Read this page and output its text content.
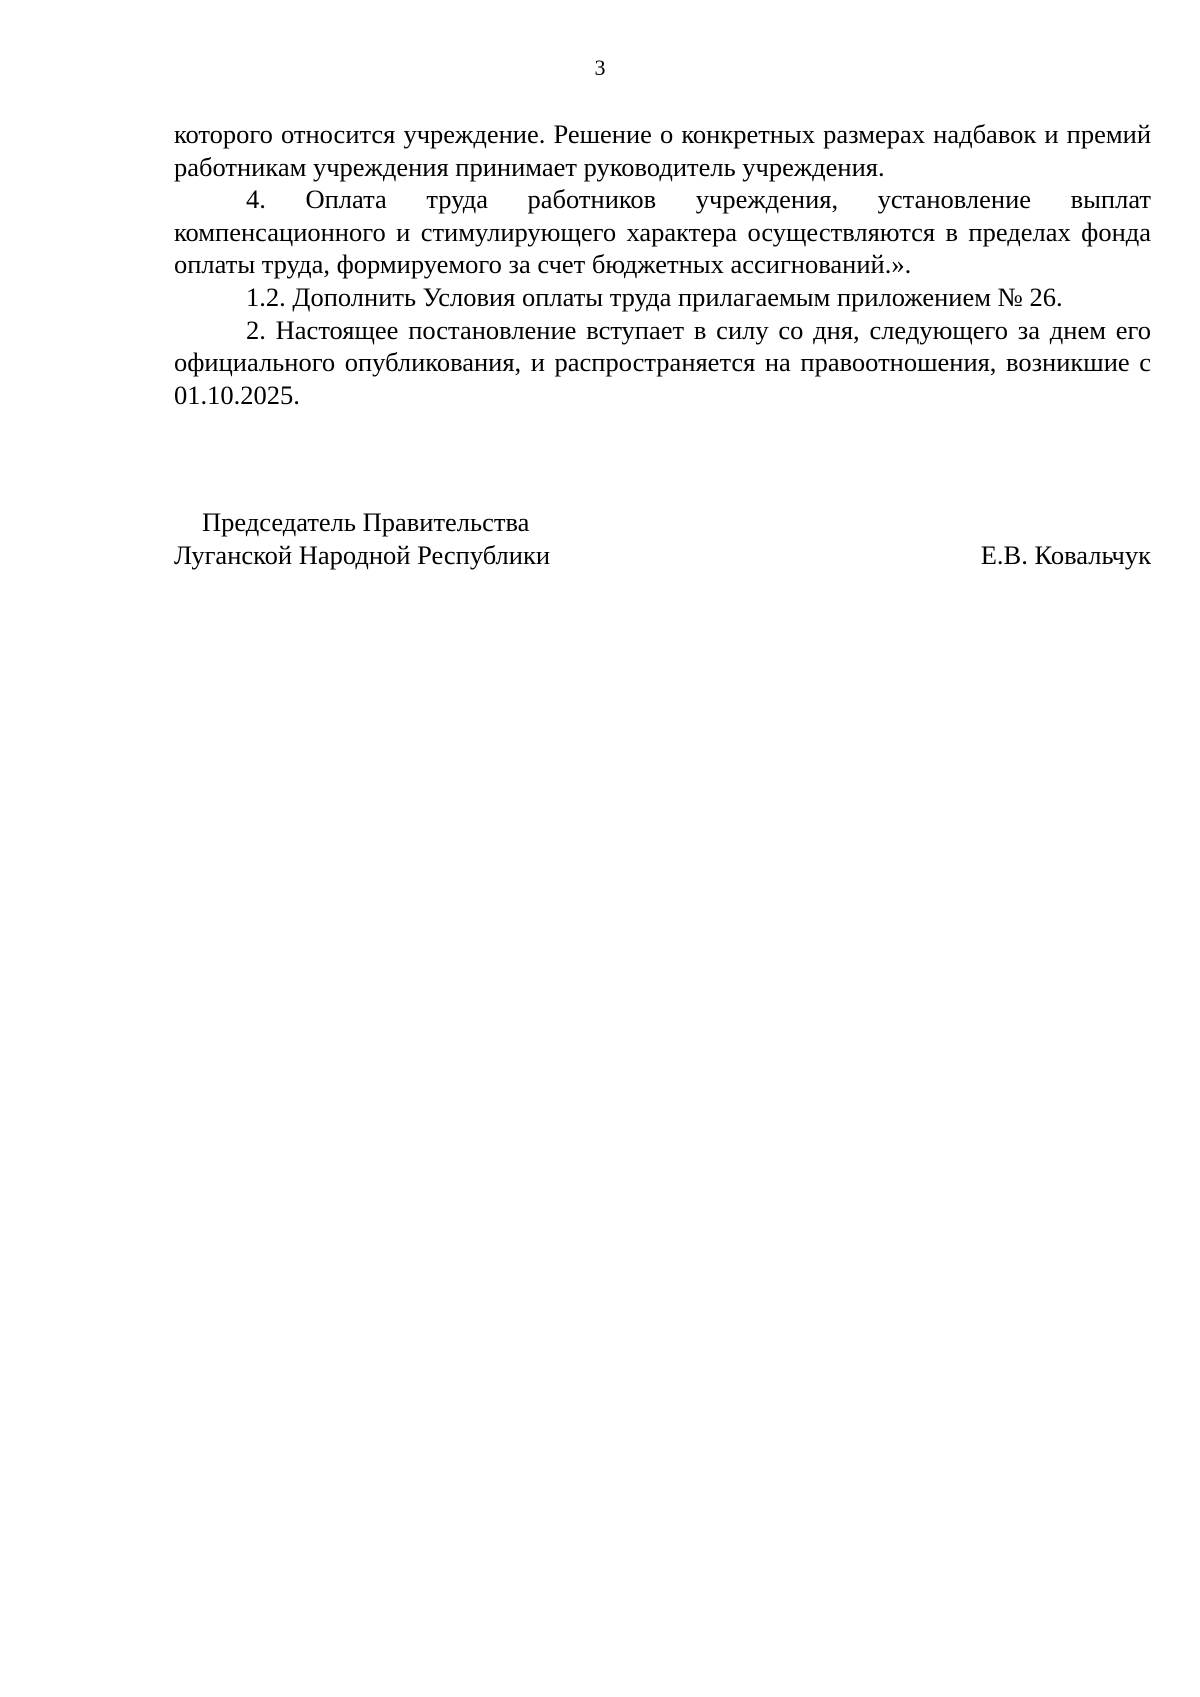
3

которого относится учреждение. Решение о конкретных размерах надбавок и премий работникам учреждения принимает руководитель учреждения.

4. Оплата труда работников учреждения, установление выплат компенсационного и стимулирующего характера осуществляются в пределах фонда оплаты труда, формируемого за счет бюджетных ассигнований.».

1.2. Дополнить Условия оплаты труда прилагаемым приложением № 26.

2. Настоящее постановление вступает в силу со дня, следующего за днем его официального опубликования, и распространяется на правоотношения, возникшие с 01.10.2025.

Председатель Правительства
Луганской Народной Республики	Е.В. Ковальчук
